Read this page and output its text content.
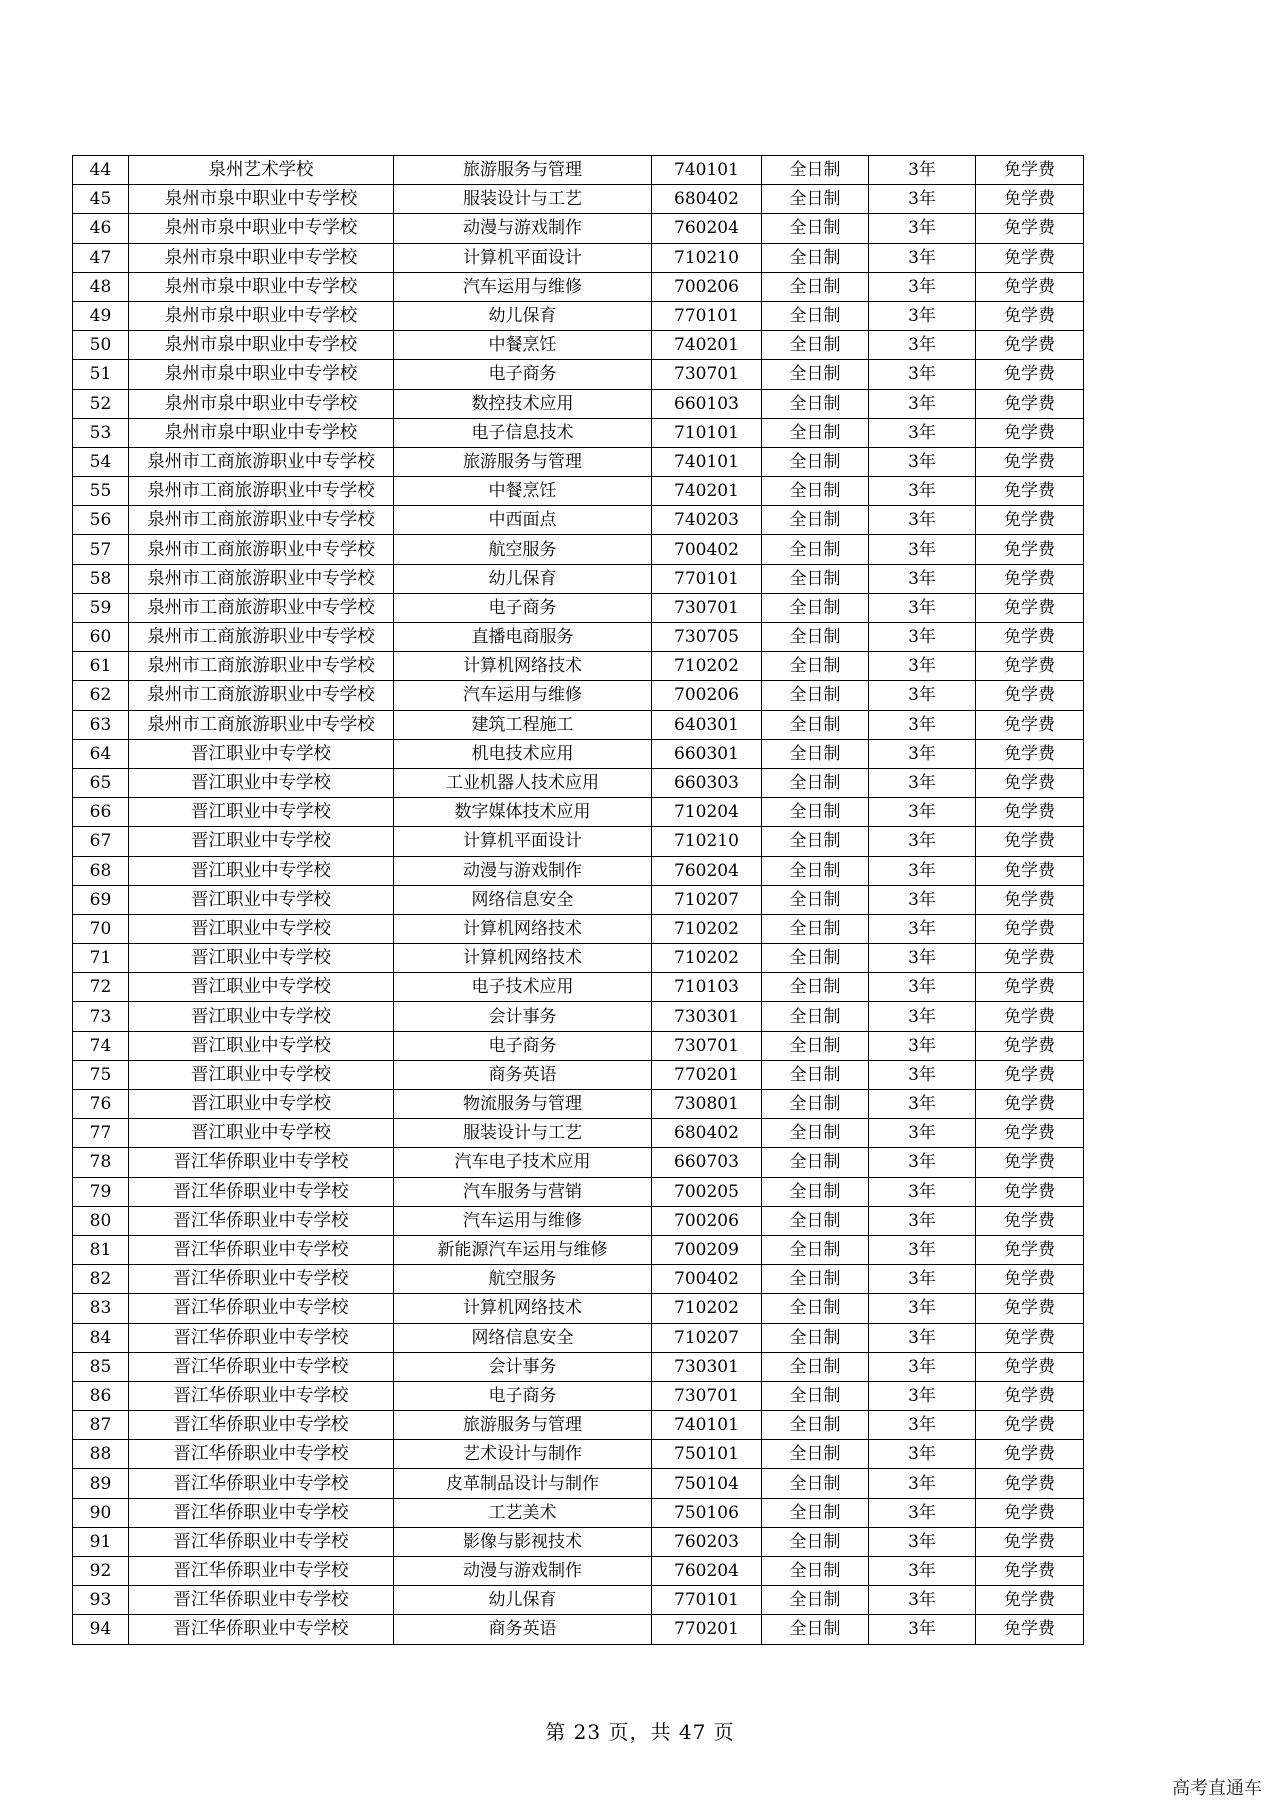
44	泉州艺术学校	旅游服务与管理	740101	全日制	3年	免学费
45	泉州市泉中职业中专学校	服装设计与工艺	680402	全日制	3年	免学费
46	泉州市泉中职业中专学校	动漫与游戏制作	760204	全日制	3年	免学费
47	泉州市泉中职业中专学校	计算机平面设计	710210	全日制	3年	免学费
48	泉州市泉中职业中专学校	汽车运用与维修	700206	全日制	3年	免学费
49	泉州市泉中职业中专学校	幼儿保育	770101	全日制	3年	免学费
50	泉州市泉中职业中专学校	中餐烹饪	740201	全日制	3年	免学费
51	泉州市泉中职业中专学校	电子商务	730701	全日制	3年	免学费
52	泉州市泉中职业中专学校	数控技术应用	660103	全日制	3年	免学费
53	泉州市泉中职业中专学校	电子信息技术	710101	全日制	3年	免学费
54	泉州市工商旅游职业中专学校	旅游服务与管理	740101	全日制	3年	免学费
55	泉州市工商旅游职业中专学校	中餐烹饪	740201	全日制	3年	免学费
56	泉州市工商旅游职业中专学校	中西面点	740203	全日制	3年	免学费
57	泉州市工商旅游职业中专学校	航空服务	700402	全日制	3年	免学费
58	泉州市工商旅游职业中专学校	幼儿保育	770101	全日制	3年	免学费
59	泉州市工商旅游职业中专学校	电子商务	730701	全日制	3年	免学费
60	泉州市工商旅游职业中专学校	直播电商服务	730705	全日制	3年	免学费
61	泉州市工商旅游职业中专学校	计算机网络技术	710202	全日制	3年	免学费
62	泉州市工商旅游职业中专学校	汽车运用与维修	700206	全日制	3年	免学费
63	泉州市工商旅游职业中专学校	建筑工程施工	640301	全日制	3年	免学费
64	晋江职业中专学校	机电技术应用	660301	全日制	3年	免学费
65	晋江职业中专学校	工业机器人技术应用	660303	全日制	3年	免学费
66	晋江职业中专学校	数字媒体技术应用	710204	全日制	3年	免学费
67	晋江职业中专学校	计算机平面设计	710210	全日制	3年	免学费
68	晋江职业中专学校	动漫与游戏制作	760204	全日制	3年	免学费
69	晋江职业中专学校	网络信息安全	710207	全日制	3年	免学费
70	晋江职业中专学校	计算机网络技术	710202	全日制	3年	免学费
71	晋江职业中专学校	计算机网络技术	710202	全日制	3年	免学费
72	晋江职业中专学校	电子技术应用	710103	全日制	3年	免学费
73	晋江职业中专学校	会计事务	730301	全日制	3年	免学费
74	晋江职业中专学校	电子商务	730701	全日制	3年	免学费
75	晋江职业中专学校	商务英语	770201	全日制	3年	免学费
76	晋江职业中专学校	物流服务与管理	730801	全日制	3年	免学费
77	晋江职业中专学校	服装设计与工艺	680402	全日制	3年	免学费
78	晋江华侨职业中专学校	汽车电子技术应用	660703	全日制	3年	免学费
79	晋江华侨职业中专学校	汽车服务与营销	700205	全日制	3年	免学费
80	晋江华侨职业中专学校	汽车运用与维修	700206	全日制	3年	免学费
81	晋江华侨职业中专学校	新能源汽车运用与维修	700209	全日制	3年	免学费
82	晋江华侨职业中专学校	航空服务	700402	全日制	3年	免学费
83	晋江华侨职业中专学校	计算机网络技术	710202	全日制	3年	免学费
84	晋江华侨职业中专学校	网络信息安全	710207	全日制	3年	免学费
85	晋江华侨职业中专学校	会计事务	730301	全日制	3年	免学费
86	晋江华侨职业中专学校	电子商务	730701	全日制	3年	免学费
87	晋江华侨职业中专学校	旅游服务与管理	740101	全日制	3年	免学费
88	晋江华侨职业中专学校	艺术设计与制作	750101	全日制	3年	免学费
89	晋江华侨职业中专学校	皮革制品设计与制作	750104	全日制	3年	免学费
90	晋江华侨职业中专学校	工艺美术	750106	全日制	3年	免学费
91	晋江华侨职业中专学校	影像与影视技术	760203	全日制	3年	免学费
92	晋江华侨职业中专学校	动漫与游戏制作	760204	全日制	3年	免学费
93	晋江华侨职业中专学校	幼儿保育	770101	全日制	3年	免学费
94	晋江华侨职业中专学校	商务英语	770201	全日制	3年	免学费
第 23 页，共 47 页
高考直通车
